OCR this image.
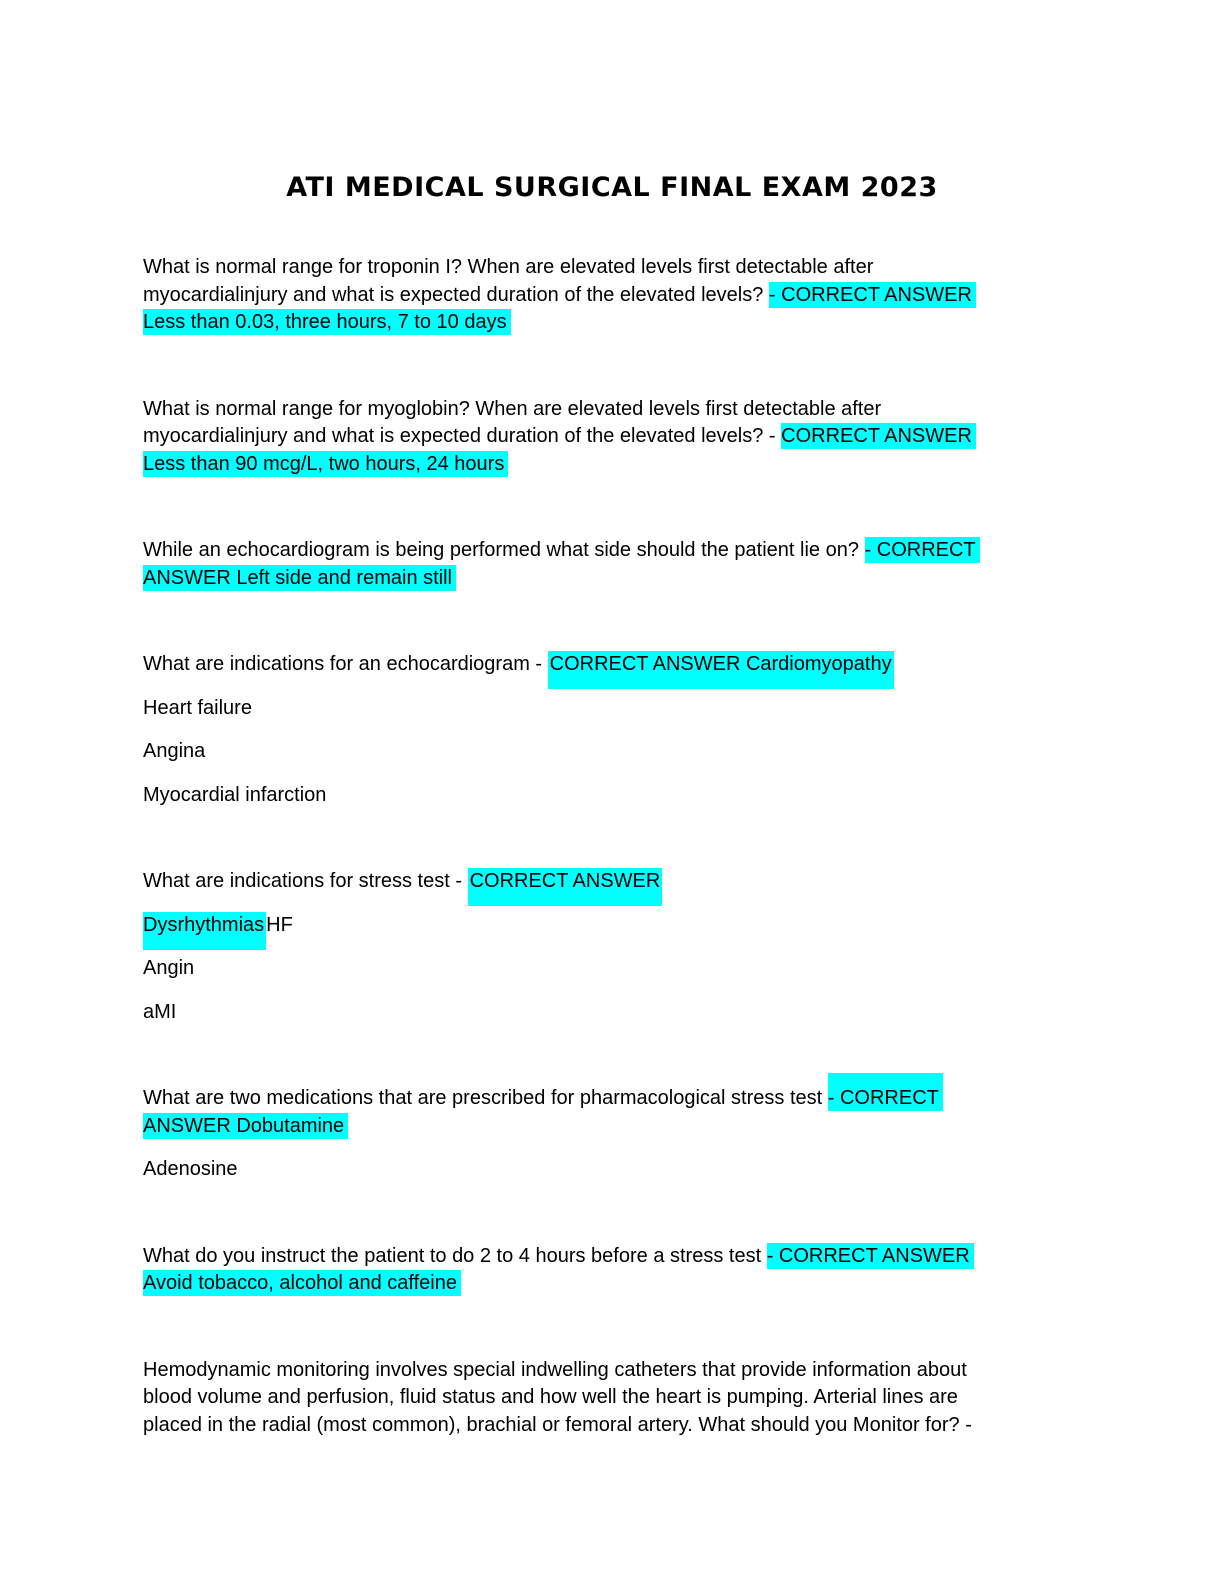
ATI MEDICAL SURGICAL FINAL EXAM 2023
What is normal range for troponin I? When are elevated levels first detectable after
myocardialinjury and what is expected duration of the elevated levels? - CORRECT ANSWER
Less than 0.03, three hours, 7 to 10 days
What is normal range for myoglobin? When are elevated levels first detectable after
myocardialinjury and what is expected duration of the elevated levels? - CORRECT ANSWER
Less than 90 mcg/L, two hours, 24 hours
While an echocardiogram is being performed what side should the patient lie on? - CORRECT
ANSWER Left side and remain still
What are indications for an echocardiogram - CORRECT ANSWER Cardiomyopathy
Heart failure
Angina
Myocardial infarction
What are indications for stress test - CORRECT ANSWER
Dysrhythmias HF
Angin
aMI
What are two medications that are prescribed for pharmacological stress test - CORRECT
ANSWER Dobutamine
Adenosine
What do you instruct the patient to do 2 to 4 hours before a stress test - CORRECT ANSWER
Avoid tobacco, alcohol and caffeine
Hemodynamic monitoring involves special indwelling catheters that provide information about
blood volume and perfusion, fluid status and how well the heart is pumping. Arterial lines are
placed in the radial (most common), brachial or femoral artery. What should you Monitor for? -
